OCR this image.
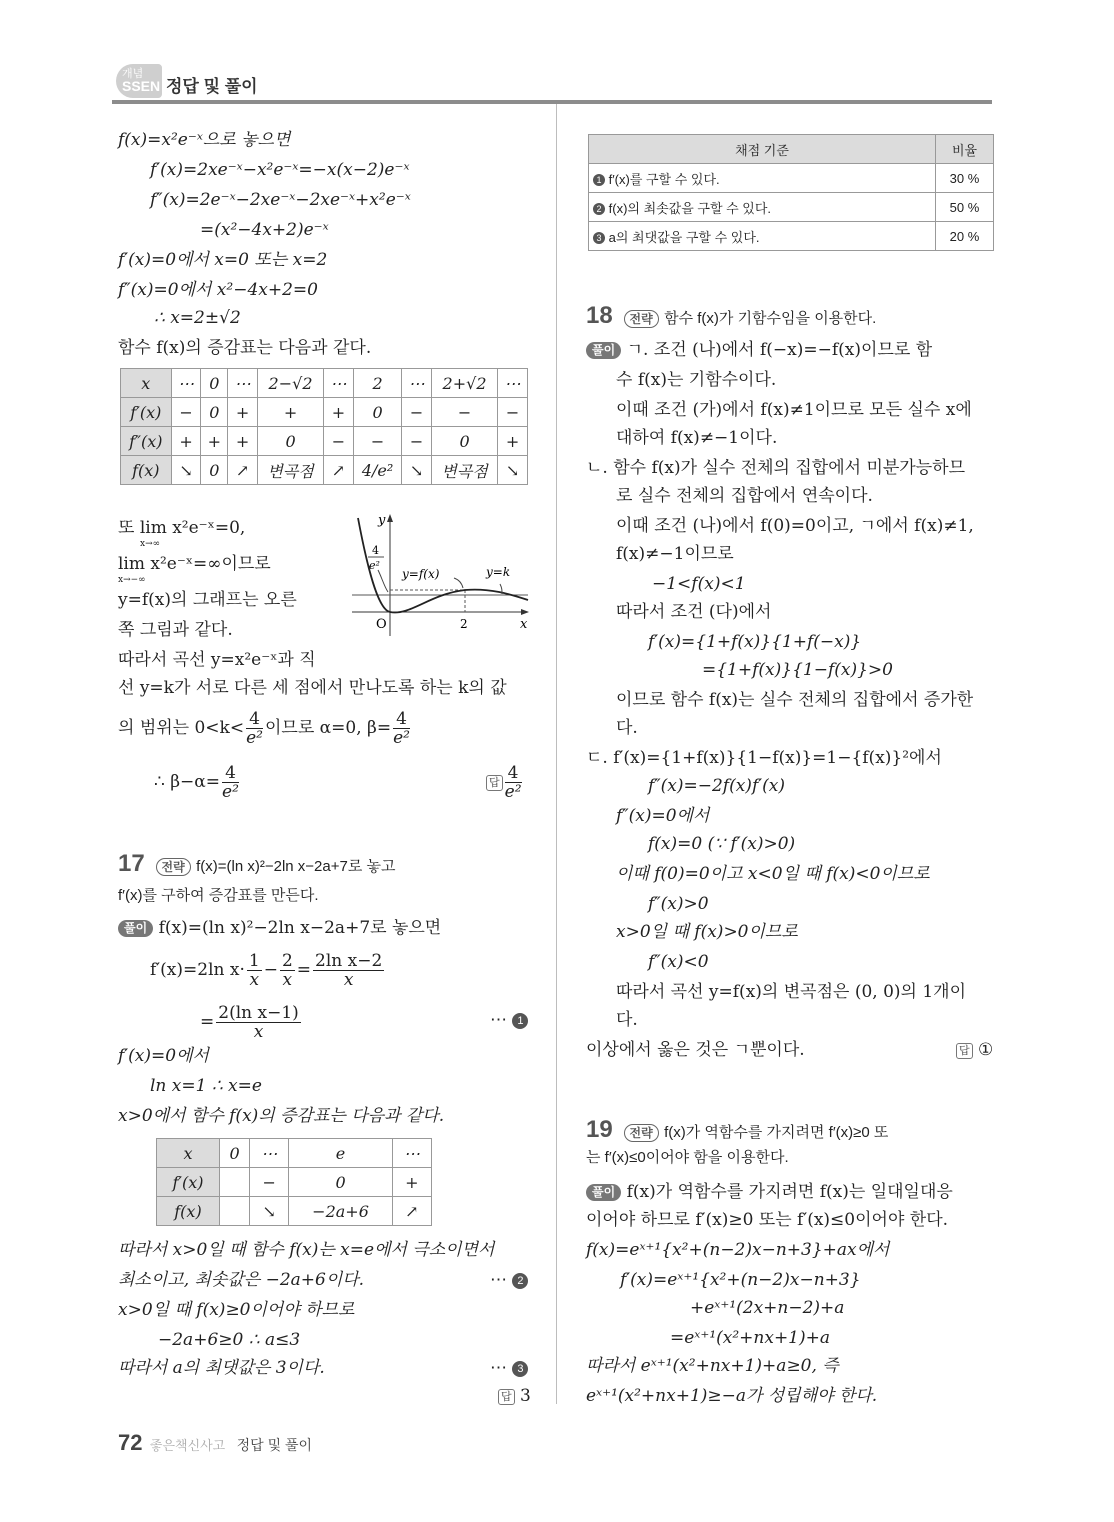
개념
SSEN 정답 및 풀이
f(x)=x²e⁻ˣ으로 놓으면
f′(x)=2xe⁻ˣ−x²e⁻ˣ=−x(x−2)e⁻ˣ
f″(x)=2e⁻ˣ−2xe⁻ˣ−2xe⁻ˣ+x²e⁻ˣ
=(x²−4x+2)e⁻ˣ
f′(x)=0에서 x=0 또는 x=2
f″(x)=0에서 x²−4x+2=0
∴ x=2±√2
함수 f(x)의 증감표는 다음과 같다.
x	⋯	0	⋯	2−√2	⋯	2	⋯	2+√2	⋯
f′(x)	−	0	+	+	+	0	−	−	−
f″(x)	+	+	+	0	−	−	−	0	+
f(x)	↘	0	↗	변곡점	↗	4/e²	↘	변곡점	↘
또 lim x²e⁻ˣ=0,
x→∞
lim x²e⁻ˣ=∞이므로
x→−∞
y=f(x)의 그래프는 오른
쪽 그림과 같다.
따라서 곡선 y=x²e⁻ˣ과 직
선 y=k가 서로 다른 세 점에서 만나도록 하는 k의 값
y
x
O	2
4
e²
y=f(x)	y=k
의 범위는 $0<k< \frac{4}{\text{e²}}$ 이므로 α=0, $\beta= \frac{4}{\text{e²}}$
∴ $\beta-\alpha= \frac{4}{\text{e²}}$	답 $\frac{4}{\text{e²}}$
17 전략 f(x)=(ln x)²−2ln x−2a+7로 놓고
f′(x)를 구하여 증감표를 만든다.
풀이 f(x)=(ln x)²−2ln x−2a+7로 놓으면
f′(x)=2ln $x\cdot \frac{1}{x} - \frac{2}{x} = \frac{\text{2ln x−2}}{x}$
= $\frac{\text{2(ln x−1)}}{x}$	⋯ 1
f′(x)=0에서
ln x=1 ∴ x=e
x>0에서 함수 f(x)의 증감표는 다음과 같다.
x	0	⋯	e	⋯
f′(x)		−	0	+
f(x)		↘	−2a+6	↗
따라서 x>0일 때 함수 f(x)는 x=e에서 극소이면서
최소이고, 최솟값은 −2a+6이다.	⋯ 2
x>0일 때 f(x)≥0이어야 하므로
−2a+6≥0 ∴ a≤3
따라서 a의 최댓값은 3이다.	⋯ 3
답 3
채점 기준	비율
1 f′(x)를 구할 수 있다.	30 %
2 f(x)의 최솟값을 구할 수 있다.	50 %
3 a의 최댓값을 구할 수 있다.	20 %
18 전략 함수 f(x)가 기함수임을 이용한다.
풀이 ㄱ. 조건 (나)에서 f(−x)=−f(x)이므로 함
수 f(x)는 기함수이다.
이때 조건 (가)에서 f(x)≠1이므로 모든 실수 x에
대하여 f(x)≠−1이다.
ㄴ. 함수 f(x)가 실수 전체의 집합에서 미분가능하므
로 실수 전체의 집합에서 연속이다.
이때 조건 (나)에서 f(0)=0이고, ㄱ에서 f(x)≠1,
f(x)≠−1이므로
−1<f(x)<1
따라서 조건 (다)에서
f′(x)={1+f(x)}{1+f(−x)}
={1+f(x)}{1−f(x)}>0
이므로 함수 f(x)는 실수 전체의 집합에서 증가한
다.
ㄷ. f′(x)={1+f(x)}{1−f(x)}=1−{f(x)}²에서
f″(x)=−2f(x)f′(x)
f″(x)=0에서
f(x)=0 (∵ f′(x)>0)
이때 f(0)=0이고 x<0일 때 f(x)<0이므로
f″(x)>0
x>0일 때 f(x)>0이므로
f″(x)<0
따라서 곡선 y=f(x)의 변곡점은 (0, 0)의 1개이
다.
이상에서 옳은 것은 ㄱ뿐이다.	답 ①
19 전략 f(x)가 역함수를 가지려면 f′(x)≥0 또
는 f′(x)≤0이어야 함을 이용한다.
풀이 f(x)가 역함수를 가지려면 f(x)는 일대일대응
이어야 하므로 f′(x)≥0 또는 f′(x)≤0이어야 한다.
f(x)=eˣ⁺¹{x²+(n−2)x−n+3}+ax에서
f′(x)=eˣ⁺¹{x²+(n−2)x−n+3}
+eˣ⁺¹(2x+n−2)+a
=eˣ⁺¹(x²+nx+1)+a
따라서 eˣ⁺¹(x²+nx+1)+a≥0, 즉
eˣ⁺¹(x²+nx+1)≥−a가 성립해야 한다.
72 좋은책신사고 정답 및 풀이
